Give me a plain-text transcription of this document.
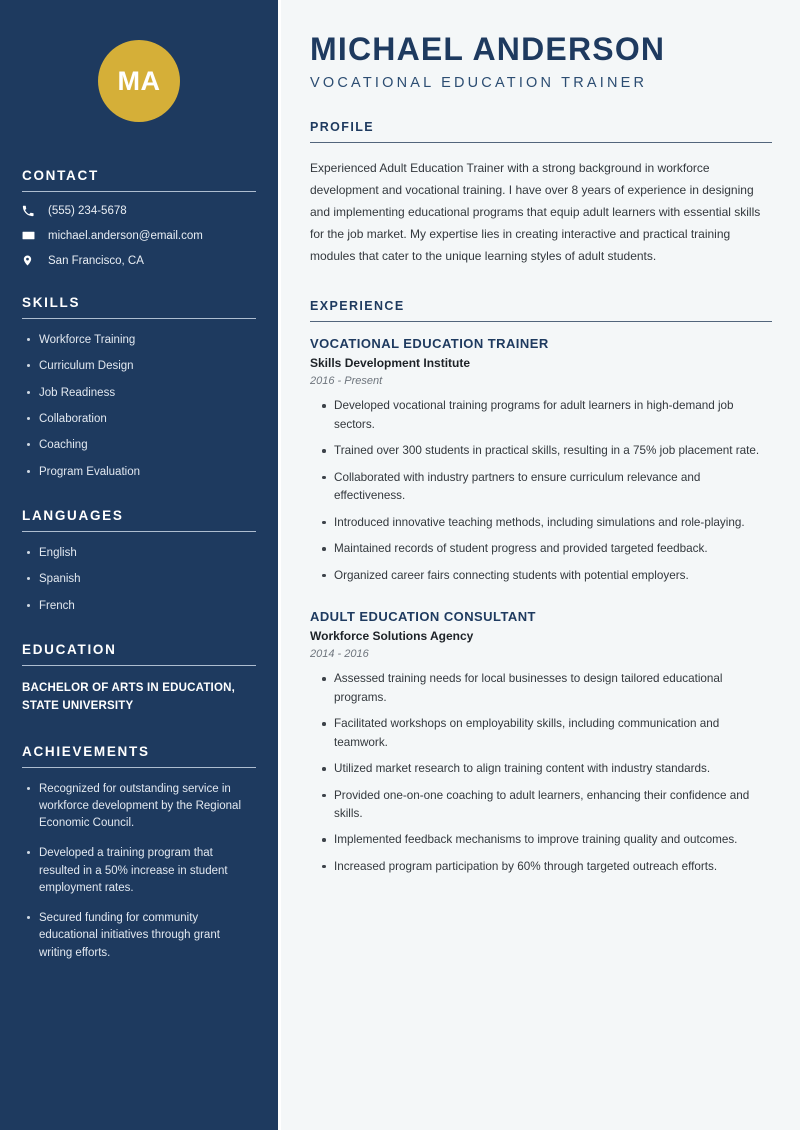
MA
CONTACT
(555) 234-5678
michael.anderson@email.com
San Francisco, CA
SKILLS
Workforce Training
Curriculum Design
Job Readiness
Collaboration
Coaching
Program Evaluation
LANGUAGES
English
Spanish
French
EDUCATION
BACHELOR OF ARTS IN EDUCATION, STATE UNIVERSITY
ACHIEVEMENTS
Recognized for outstanding service in workforce development by the Regional Economic Council.
Developed a training program that resulted in a 50% increase in student employment rates.
Secured funding for community educational initiatives through grant writing efforts.
MICHAEL ANDERSON
VOCATIONAL EDUCATION TRAINER
PROFILE

Experienced Adult Education Trainer with a strong background in workforce development and vocational training. I have over 8 years of experience in designing and implementing educational programs that equip adult learners with essential skills for the job market. My expertise lies in creating interactive and practical training modules that cater to the unique learning styles of adult students.

EXPERIENCE
VOCATIONAL EDUCATION TRAINER
Skills Development Institute
2016 - Present
Developed vocational training programs for adult learners in high-demand job sectors.
Trained over 300 students in practical skills, resulting in a 75% job placement rate.
Collaborated with industry partners to ensure curriculum relevance and effectiveness.
Introduced innovative teaching methods, including simulations and role-playing.
Maintained records of student progress and provided targeted feedback.
Organized career fairs connecting students with potential employers.
ADULT EDUCATION CONSULTANT
Workforce Solutions Agency
2014 - 2016
Assessed training needs for local businesses to design tailored educational programs.
Facilitated workshops on employability skills, including communication and teamwork.
Utilized market research to align training content with industry standards.
Provided one-on-one coaching to adult learners, enhancing their confidence and skills.
Implemented feedback mechanisms to improve training quality and outcomes.
Increased program participation by 60% through targeted outreach efforts.
